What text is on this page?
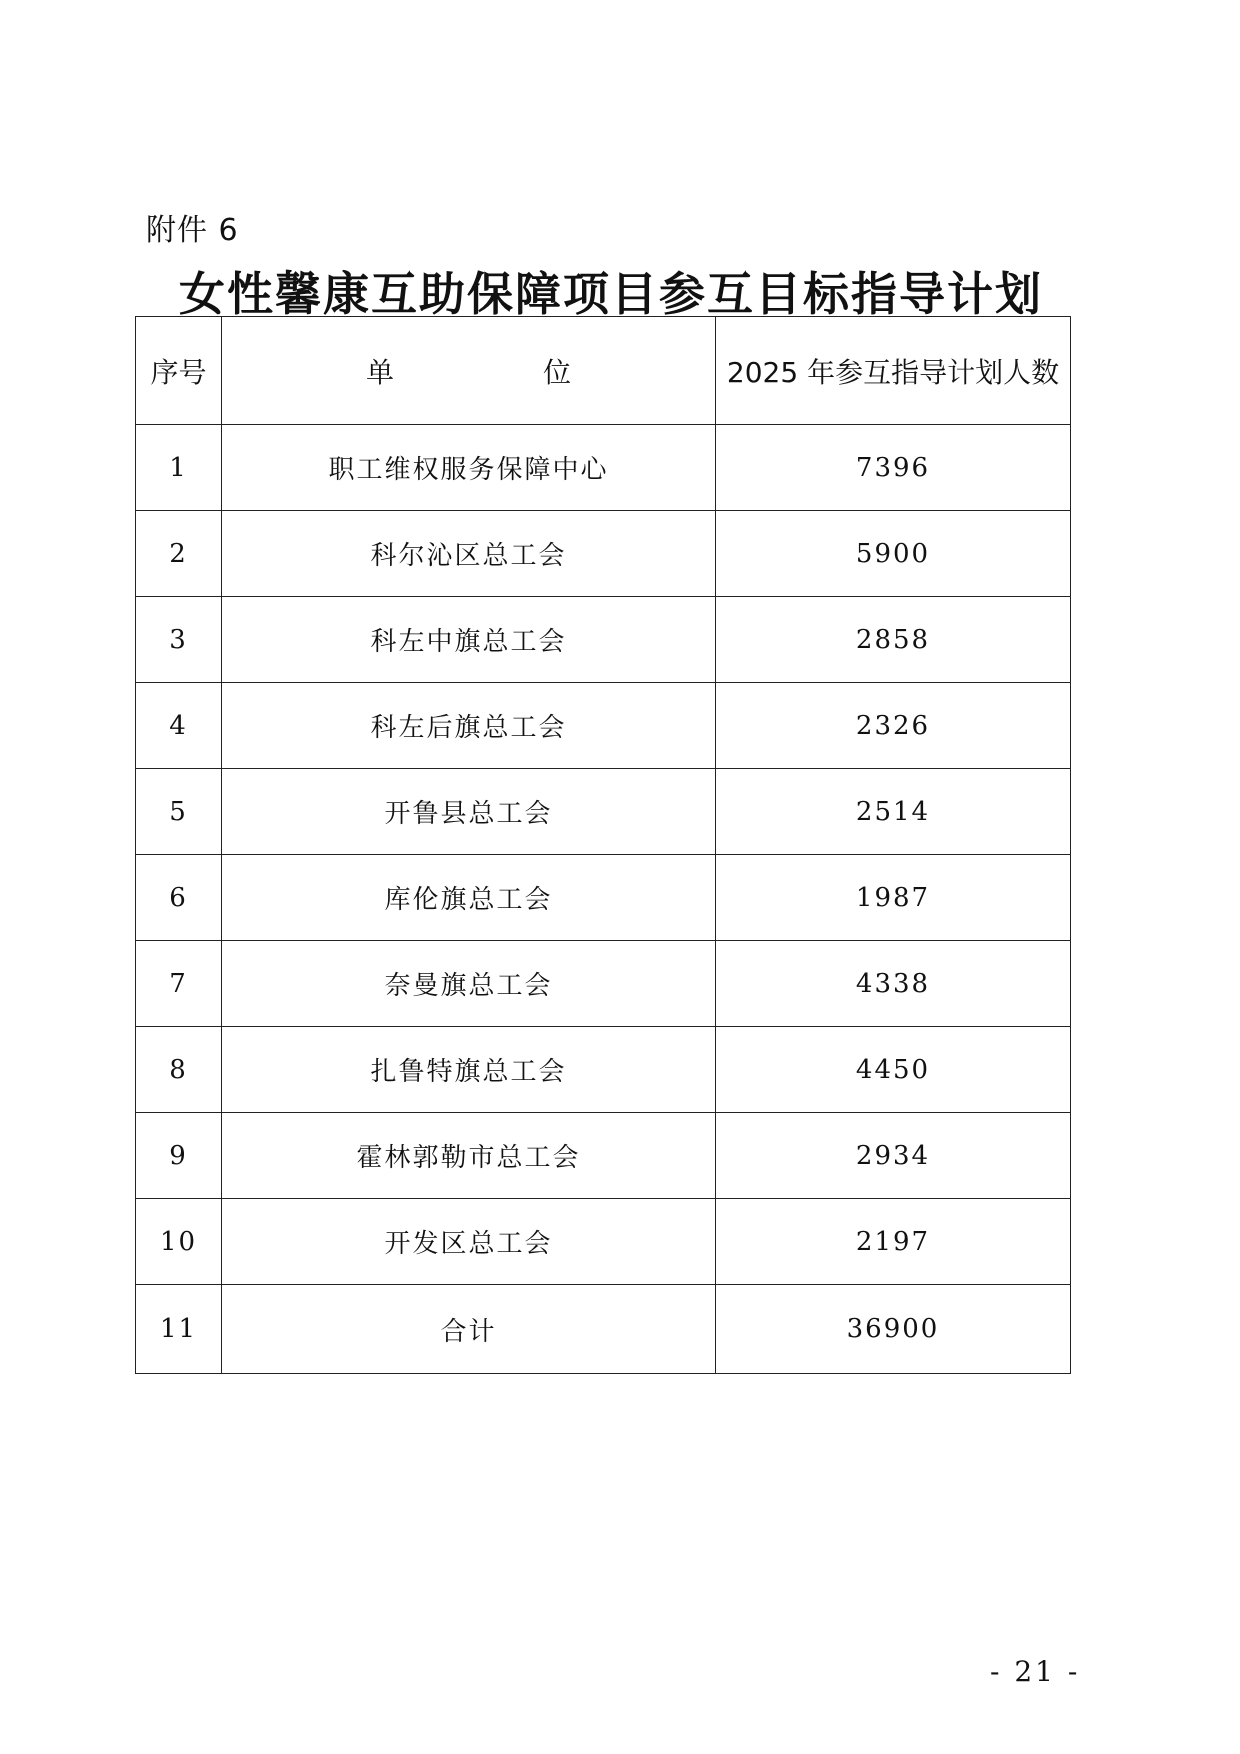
附件 6
女性馨康互助保障项目参互目标指导计划
序号	单 位	2025 年参互指导计划人数
1	职工维权服务保障中心	7396
2	科尔沁区总工会	5900
3	科左中旗总工会	2858
4	科左后旗总工会	2326
5	开鲁县总工会	2514
6	库伦旗总工会	1987
7	奈曼旗总工会	4338
8	扎鲁特旗总工会	4450
9	霍林郭勒市总工会	2934
10	开发区总工会	2197
11	合计	36900
- 21 -
